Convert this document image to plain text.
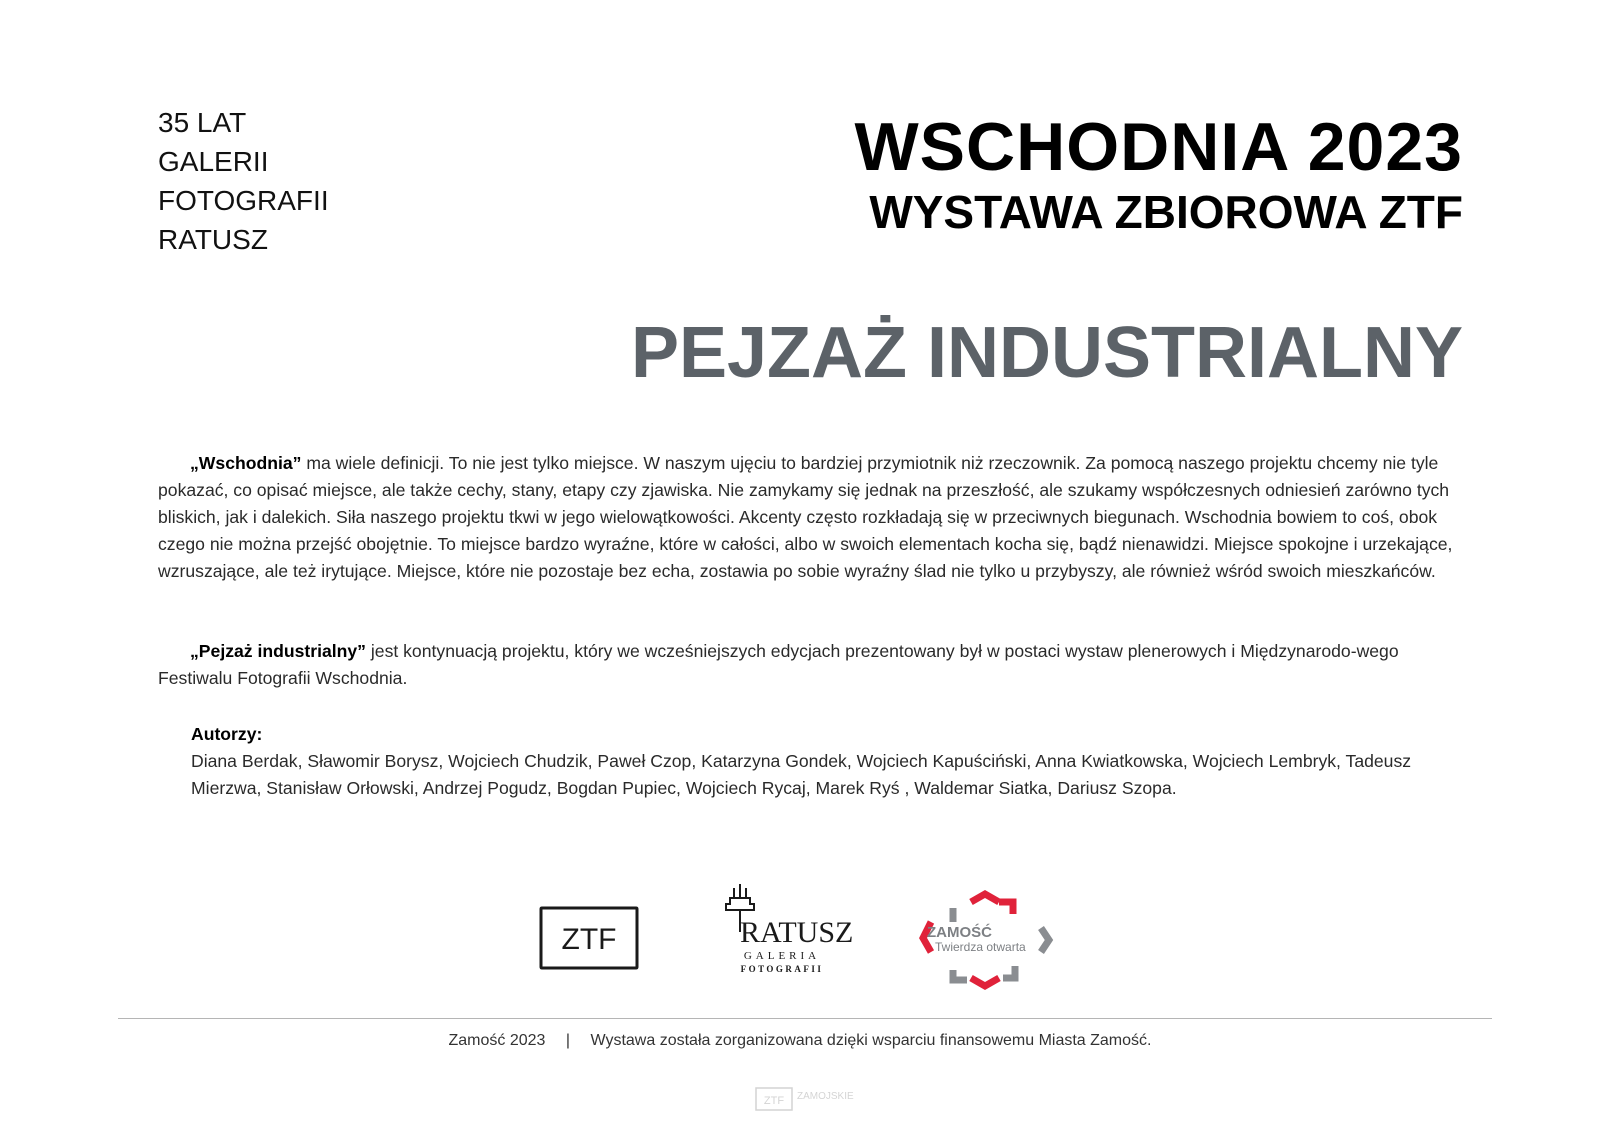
35 LAT
GALERII
FOTOGRAFII
RATUSZ
WSCHODNIA 2023
WYSTAWA ZBIOROWA ZTF
PEJZAŻ INDUSTRIALNY
„Wschodnia” ma wiele definicji. To nie jest tylko miejsce. W naszym ujęciu to bardziej przymiotnik niż rzeczownik. Za pomocą naszego projektu chcemy nie tyle pokazać, co opisać miejsce, ale także cechy, stany, etapy czy zjawiska. Nie zamykamy się jednak na przeszłość, ale szukamy współczesnych odniesień zarówno tych bliskich, jak i dalekich. Siła naszego projektu tkwi w jego wielowątkowości. Akcenty często rozkładają się w przeciwnych biegunach. Wschodnia bowiem to coś, obok czego nie można przejść obojętnie. To miejsce bardzo wyraźne, które w całości, albo w swoich elementach kocha się, bądź nienawidzi. Miejsce spokojne i urzekające, wzruszające, ale też irytujące. Miejsce, które nie pozostaje bez echa, zostawia po sobie wyraźny ślad nie tylko u przybyszy, ale również wśród swoich mieszkańców.
„Pejzaż industrialny” jest kontynuacją projektu, który we wcześniejszych edycjach prezentowany był w postaci wystaw plenerowych i Międzynarodo-wego Festiwalu Fotografii Wschodnia.
Autorzy:
Diana Berdak, Sławomir Borysz, Wojciech Chudzik, Paweł Czop, Katarzyna Gondek, Wojciech Kapuściński, Anna Kwiatkowska, Wojciech Lembryk, Tadeusz Mierzwa, Stanisław Orłowski, Andrzej Pogudz, Bogdan Pupiec, Wojciech Rycaj, Marek Ryś , Waldemar Siatka, Dariusz Szopa.
ZTF	RATUSZ
GALERIA
FOTOGRAFII
ZAMOŚĆ
Twierdza otwarta
Zamość 2023 | Wystawa została zorganizowana dzięki wsparciu finansowemu Miasta Zamość.
ZTF ZAMOJSKIE
